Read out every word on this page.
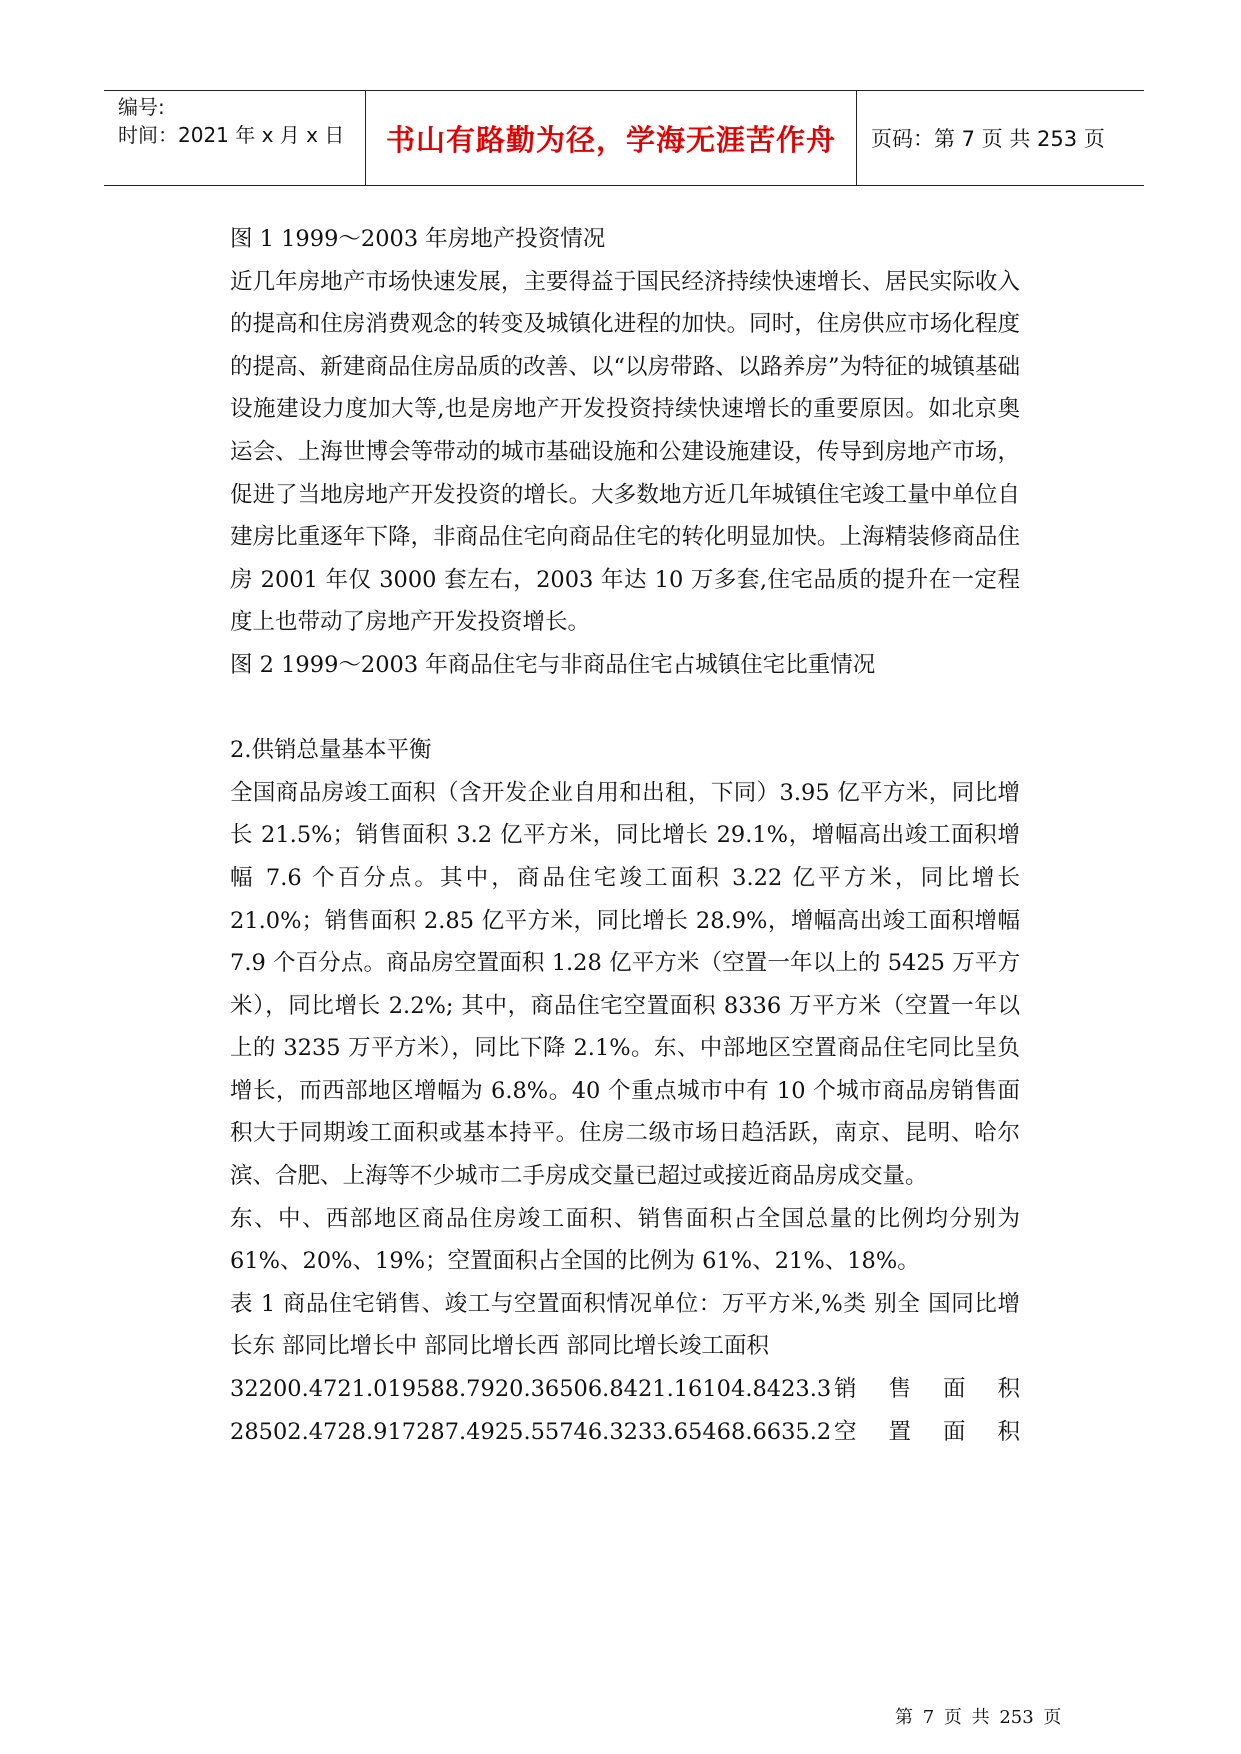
编号:
时间：2021 年 x 月 x 日	书山有路勤为径，学海无涯苦作舟	页码：第 7 页 共 253 页

图 1 1999～2003 年房地产投资情况

近几年房地产市场快速发展，主要得益于国民经济持续快速增长、居民实际收入的提高和住房消费观念的转变及城镇化进程的加快。同时，住房供应市场化程度的提高、新建商品住房品质的改善、以“以房带路、以路养房”为特征的城镇基础设施建设力度加大等,也是房地产开发投资持续快速增长的重要原因。如北京奥运会、上海世博会等带动的城市基础设施和公建设施建设，传导到房地产市场，促进了当地房地产开发投资的增长。大多数地方近几年城镇住宅竣工量中单位自建房比重逐年下降，非商品住宅向商品住宅的转化明显加快。上海精装修商品住房 2001 年仅 3000 套左右，2003 年达 10 万多套,住宅品质的提升在一定程度上也带动了房地产开发投资增长。

图 2 1999～2003 年商品住宅与非商品住宅占城镇住宅比重情况

2.供销总量基本平衡

全国商品房竣工面积（含开发企业自用和出租，下同）3.95 亿平方米，同比增长 21.5%；销售面积 3.2 亿平方米，同比增长 29.1%，增幅高出竣工面积增幅 7.6 个百分点。其中，商品住宅竣工面积 3.22 亿平方米，同比增长 21.0%；销售面积 2.85 亿平方米，同比增长 28.9%，增幅高出竣工面积增幅 7.9 个百分点。商品房空置面积 1.28 亿平方米（空置一年以上的 5425 万平方米），同比增长 2.2%; 其中，商品住宅空置面积 8336 万平方米（空置一年以上的 3235 万平方米），同比下降 2.1%。东、中部地区空置商品住宅同比呈负增长，而西部地区增幅为 6.8%。40 个重点城市中有 10 个城市商品房销售面积大于同期竣工面积或基本持平。住房二级市场日趋活跃，南京、昆明、哈尔滨、合肥、上海等不少城市二手房成交量已超过或接近商品房成交量。

东、中、西部地区商品住房竣工面积、销售面积占全国总量的比例均分别为 61%、20%、19%；空置面积占全国的比例为 61%、21%、18%。

表 1 商品住宅销售、竣工与空置面积情况单位：万平方米,%类 别全 国同比增长东 部同比增长中 部同比增长西 部同比增长竣工面积

32200.4721.019588.7920.36506.8421.16104.8423.3 销 售 面 积
28502.4728.917287.4925.55746.3233.65468.6635.2 空 置 面 积
第 7 页 共 253 页
